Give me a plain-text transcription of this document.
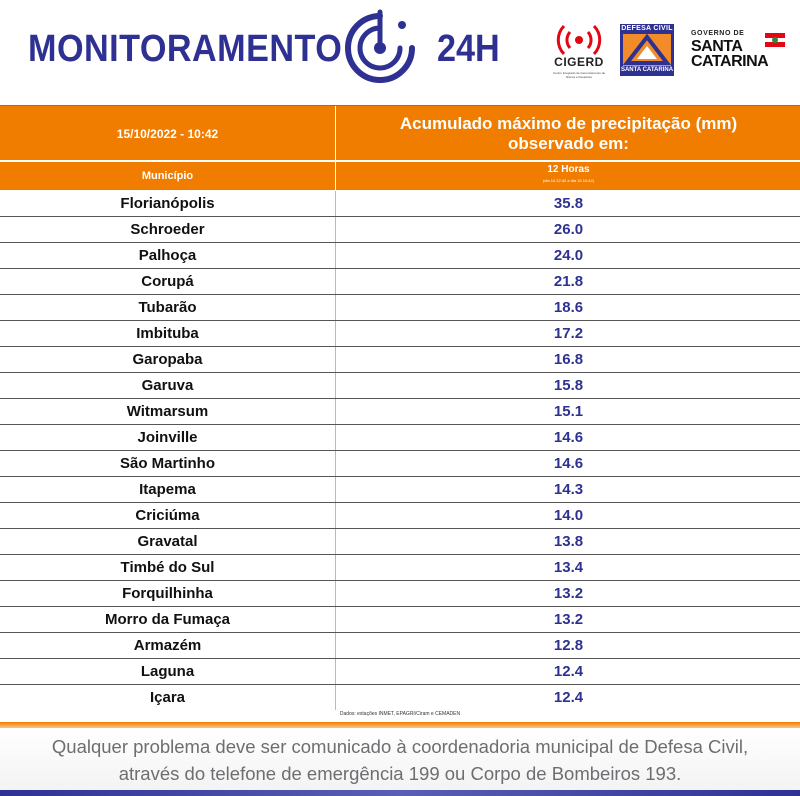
MONITORAMENTO 24H	CIGERD
Centro Integrado de Gerenciamento de Riscos e Desastres
DEFESA CIVIL
SANTA CATARINA
GOVERNO DE
SANTA
CATARINA
15/10/2022 - 10:42
Acumulado máximo de precipitação (mm) observado em:
Município
12 Horas
(dia 14 22:42 a dia 15 10:42)
Florianópolis	35.8
Schroeder	26.0
Palhoça	24.0
Corupá	21.8
Tubarão	18.6
Imbituba	17.2
Garopaba	16.8
Garuva	15.8
Witmarsum	15.1
Joinville	14.6
São Martinho	14.6
Itapema	14.3
Criciúma	14.0
Gravatal	13.8
Timbé do Sul	13.4
Forquilhinha	13.2
Morro da Fumaça	13.2
Armazém	12.8
Laguna	12.4
Içara	12.4
Dados: estações INMET, EPAGRI/Ciram e CEMADEN
Qualquer problema deve ser comunicado à coordenadoria municipal de Defesa Civil,
através do telefone de emergência 199 ou Corpo de Bombeiros 193.
